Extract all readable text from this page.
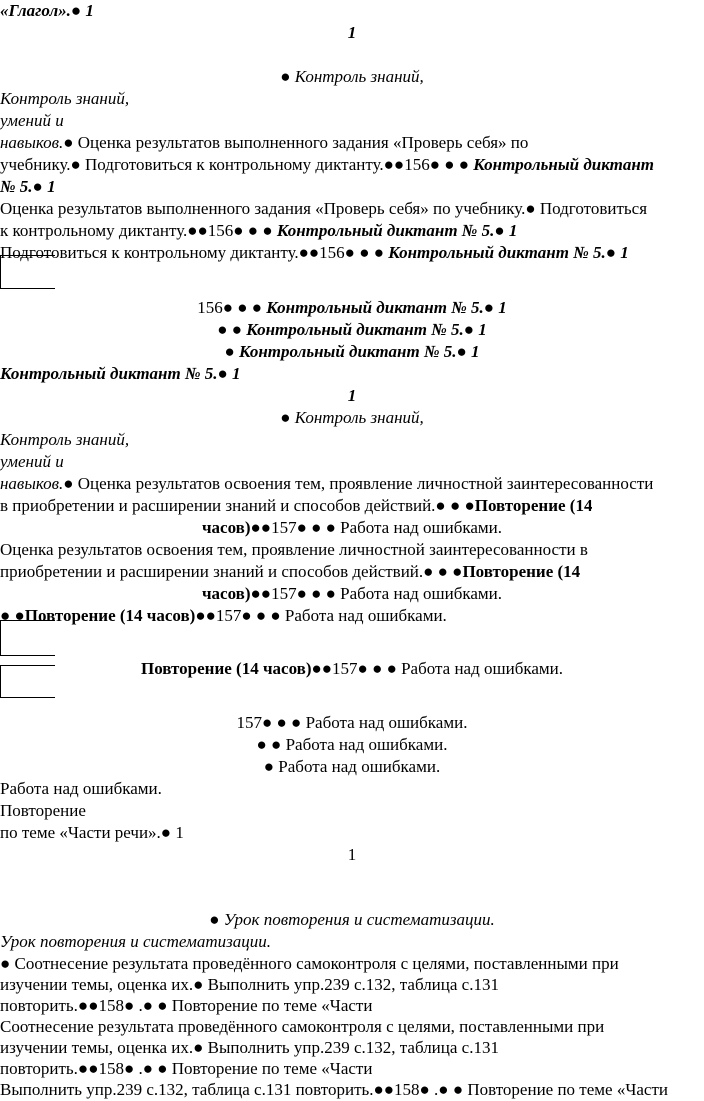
«Глагол».● 1
1
● Контроль знаний,
Контроль знаний,
умений и
навыков.● Оценка результатов выполненного задания «Проверь себя» по
учебнику.● Подготовиться к контрольному диктанту.●●156● ● ● Контрольный диктант
№ 5.● 1
Оценка результатов выполненного задания «Проверь себя» по учебнику.● Подготовиться
к контрольному диктанту.●●156● ● ● Контрольный диктант № 5.● 1
Подготовиться к контрольному диктанту.●●156● ● ● Контрольный диктант № 5.● 1
156● ● ● Контрольный диктант № 5.● 1
● ● Контрольный диктант № 5.● 1
● Контрольный диктант № 5.● 1
Контрольный диктант № 5.● 1
1
● Контроль знаний,
Контроль знаний,
умений и
навыков.● Оценка результатов освоения тем, проявление личностной заинтересованности
в приобретении и расширении знаний и способов действий.● ● ●Повторение (14
часов)●●157● ● ● Работа над ошибками.
Оценка результатов освоения тем, проявление личностной заинтересованности в
приобретении и расширении знаний и способов действий.● ● ●Повторение (14
часов)●●157● ● ● Работа над ошибками.
● ●Повторение (14 часов)●●157● ● ● Работа над ошибками.
Повторение (14 часов)●●157● ● ● Работа над ошибками.
157● ● ● Работа над ошибками.
● ● Работа над ошибками.
● Работа над ошибками.
Работа над ошибками.
Повторение
по теме «Части речи».● 1
1
● Урок повторения и систематизации.
Урок повторения и систематизации.
● Соотнесение результата проведённого самоконтроля с целями, поставленными при
изучении темы, оценка их.● Выполнить упр.239 с.132, таблица с.131
повторить.●●158● .● ● Повторение по теме «Части
Соотнесение результата проведённого самоконтроля с целями, поставленными при
изучении темы, оценка их.● Выполнить упр.239 с.132, таблица с.131
повторить.●●158● .● ● Повторение по теме «Части
Выполнить упр.239 с.132, таблица с.131 повторить.●●158● .● ● Повторение по теме «Части
